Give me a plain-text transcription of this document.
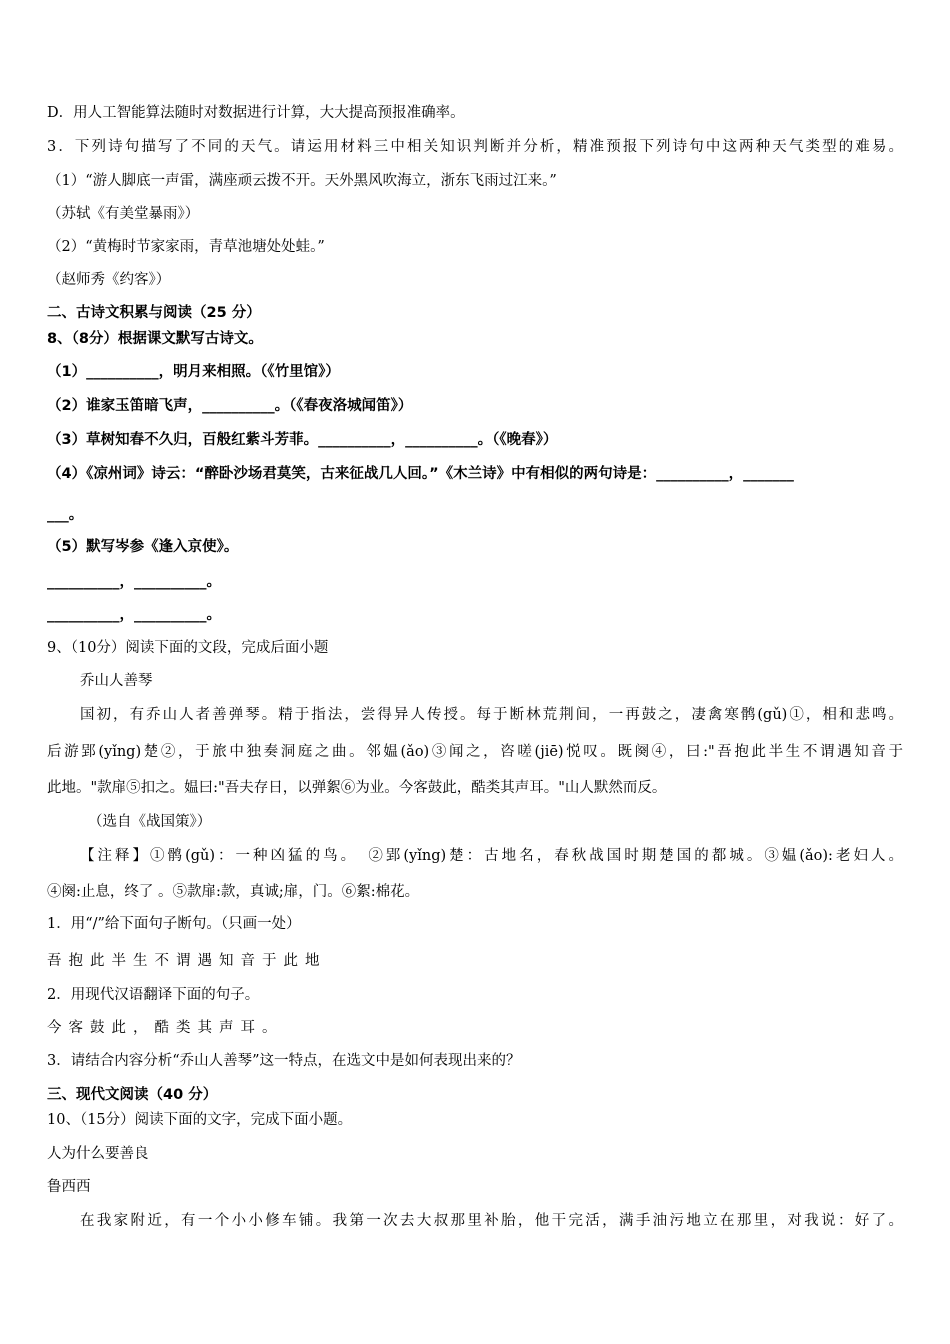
D．用人工智能算法随时对数据进行计算，大大提高预报准确率。
3．下列诗句描写了不同的天气。请运用材料三中相关知识判断并分析，精准预报下列诗句中这两种天气类型的难易。
（1）“游人脚底一声雷，满座顽云拨不开。天外黑风吹海立，浙东飞雨过江来。”
（苏轼《有美堂暴雨》）
（2）“黄梅时节家家雨，青草池塘处处蛙。”
（赵师秀《约客》）
二、古诗文积累与阅读（25 分）
8、（8分）根据课文默写古诗文。
（1）__________，明月来相照。（《竹里馆》）
（2）谁家玉笛暗飞声，__________。（《春夜洛城闻笛》）
（3）草树知春不久归，百般红紫斗芳菲。__________，__________。（《晚春》）
（4）《凉州词》诗云：“醉卧沙场君莫笑，古来征战几人回。”《木兰诗》中有相似的两句诗是：__________，_______
___。
（5）默写岑参《逢入京使》。
__________，__________。
__________，__________。
9、（10分）阅读下面的文段，完成后面小题
乔山人善琴
国初，有乔山人者善弹琴。精于指法，尝得异人传授。每于断林荒荆间，一再鼓之，凄禽寒鹘(gǔ)①，相和悲鸣。
后游郢(yǐng)楚②，于旅中独奏洞庭之曲。邻媪(ǎo)③闻之，咨嗟(jiē)悦叹。既阕④，曰:"吾抱此半生不谓遇知音于
此地。"款扉⑤扣之。媪曰:"吾夫存日，以弹絮⑥为业。今客鼓此，酷类其声耳。"山人默然而反。
（选自《战国策》）
【注释】①鹘(gǔ)：一种凶猛的鸟。　②郢(yǐng)楚：古地名，春秋战国时期楚国的都城。③媪(ǎo):老妇人。
④阕:止息，终了 。⑤款扉:款，真诚;扉，门。⑥絮:棉花。
1．用“/”给下面句子断句。（只画一处）
吾抱此半生不谓遇知音于此地
2．用现代汉语翻译下面的句子。
今客鼓此，酷类其声耳。
3．请结合内容分析“乔山人善琴”这一特点，在选文中是如何表现出来的？
三、现代文阅读（40 分）
10、（15分）阅读下面的文字，完成下面小题。
人为什么要善良
鲁西西
在我家附近，有一个小小修车铺。我第一次去大叔那里补胎，他干完活，满手油污地立在那里，对我说：好了。
